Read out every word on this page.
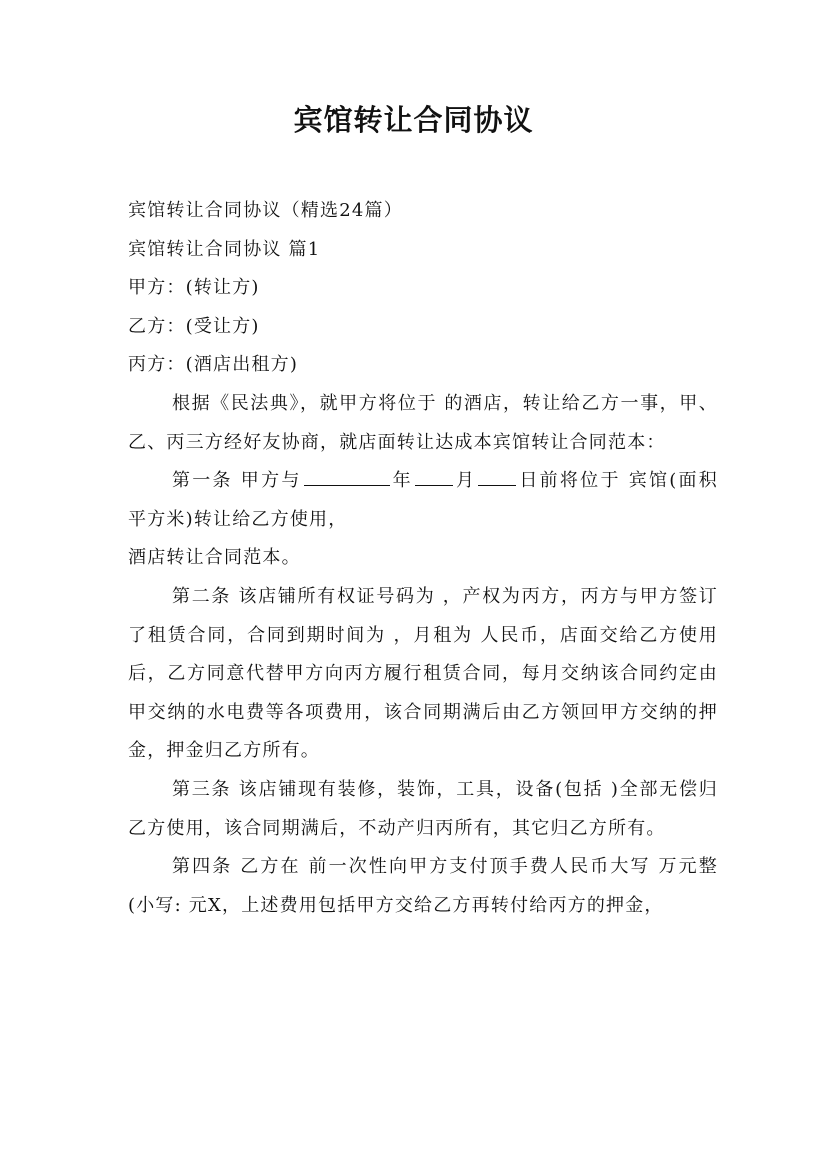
宾馆转让合同协议

宾馆转让合同协议（精选24篇）

宾馆转让合同协议 篇1

甲方：(转让方)

乙方：(受让方)

丙方：(酒店出租方)

根据《民法典》，就甲方将位于 的酒店，转让给乙方一事，甲、乙、丙三方经好友协商，就店面转让达成本宾馆转让合同范本：

第一条 甲方与	年 月 日前将位于 宾馆(面积 平方米)转让给乙方使用，

酒店转让合同范本。

第二条 该店铺所有权证号码为 ，产权为丙方，丙方与甲方签订了租赁合同，合同到期时间为 ，月租为 人民币，店面交给乙方使用后，乙方同意代替甲方向丙方履行租赁合同，每月交纳该合同约定由甲交纳的水电费等各项费用，该合同期满后由乙方领回甲方交纳的押金，押金归乙方所有。

第三条 该店铺现有装修，装饰，工具，设备(包括 )全部无偿归乙方使用，该合同期满后，不动产归丙所有，其它归乙方所有。

第四条 乙方在 前一次性向甲方支付顶手费人民币大写 万元整(小写: 元X，上述费用包括甲方交给乙方再转付给丙方的押金，
